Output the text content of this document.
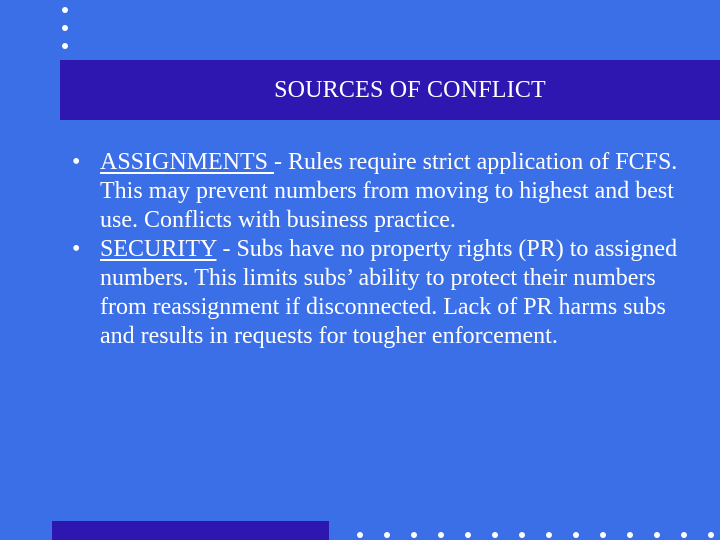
SOURCES OF CONFLICT
• ASSIGNMENTS - Rules require strict application of FCFS. This may prevent numbers from moving to highest and best use. Conflicts with business practice.
• SECURITY - Subs have no property rights (PR) to assigned numbers. This limits subs’ ability to protect their numbers from reassignment if disconnected. Lack of PR harms subs and results in requests for tougher enforcement.
